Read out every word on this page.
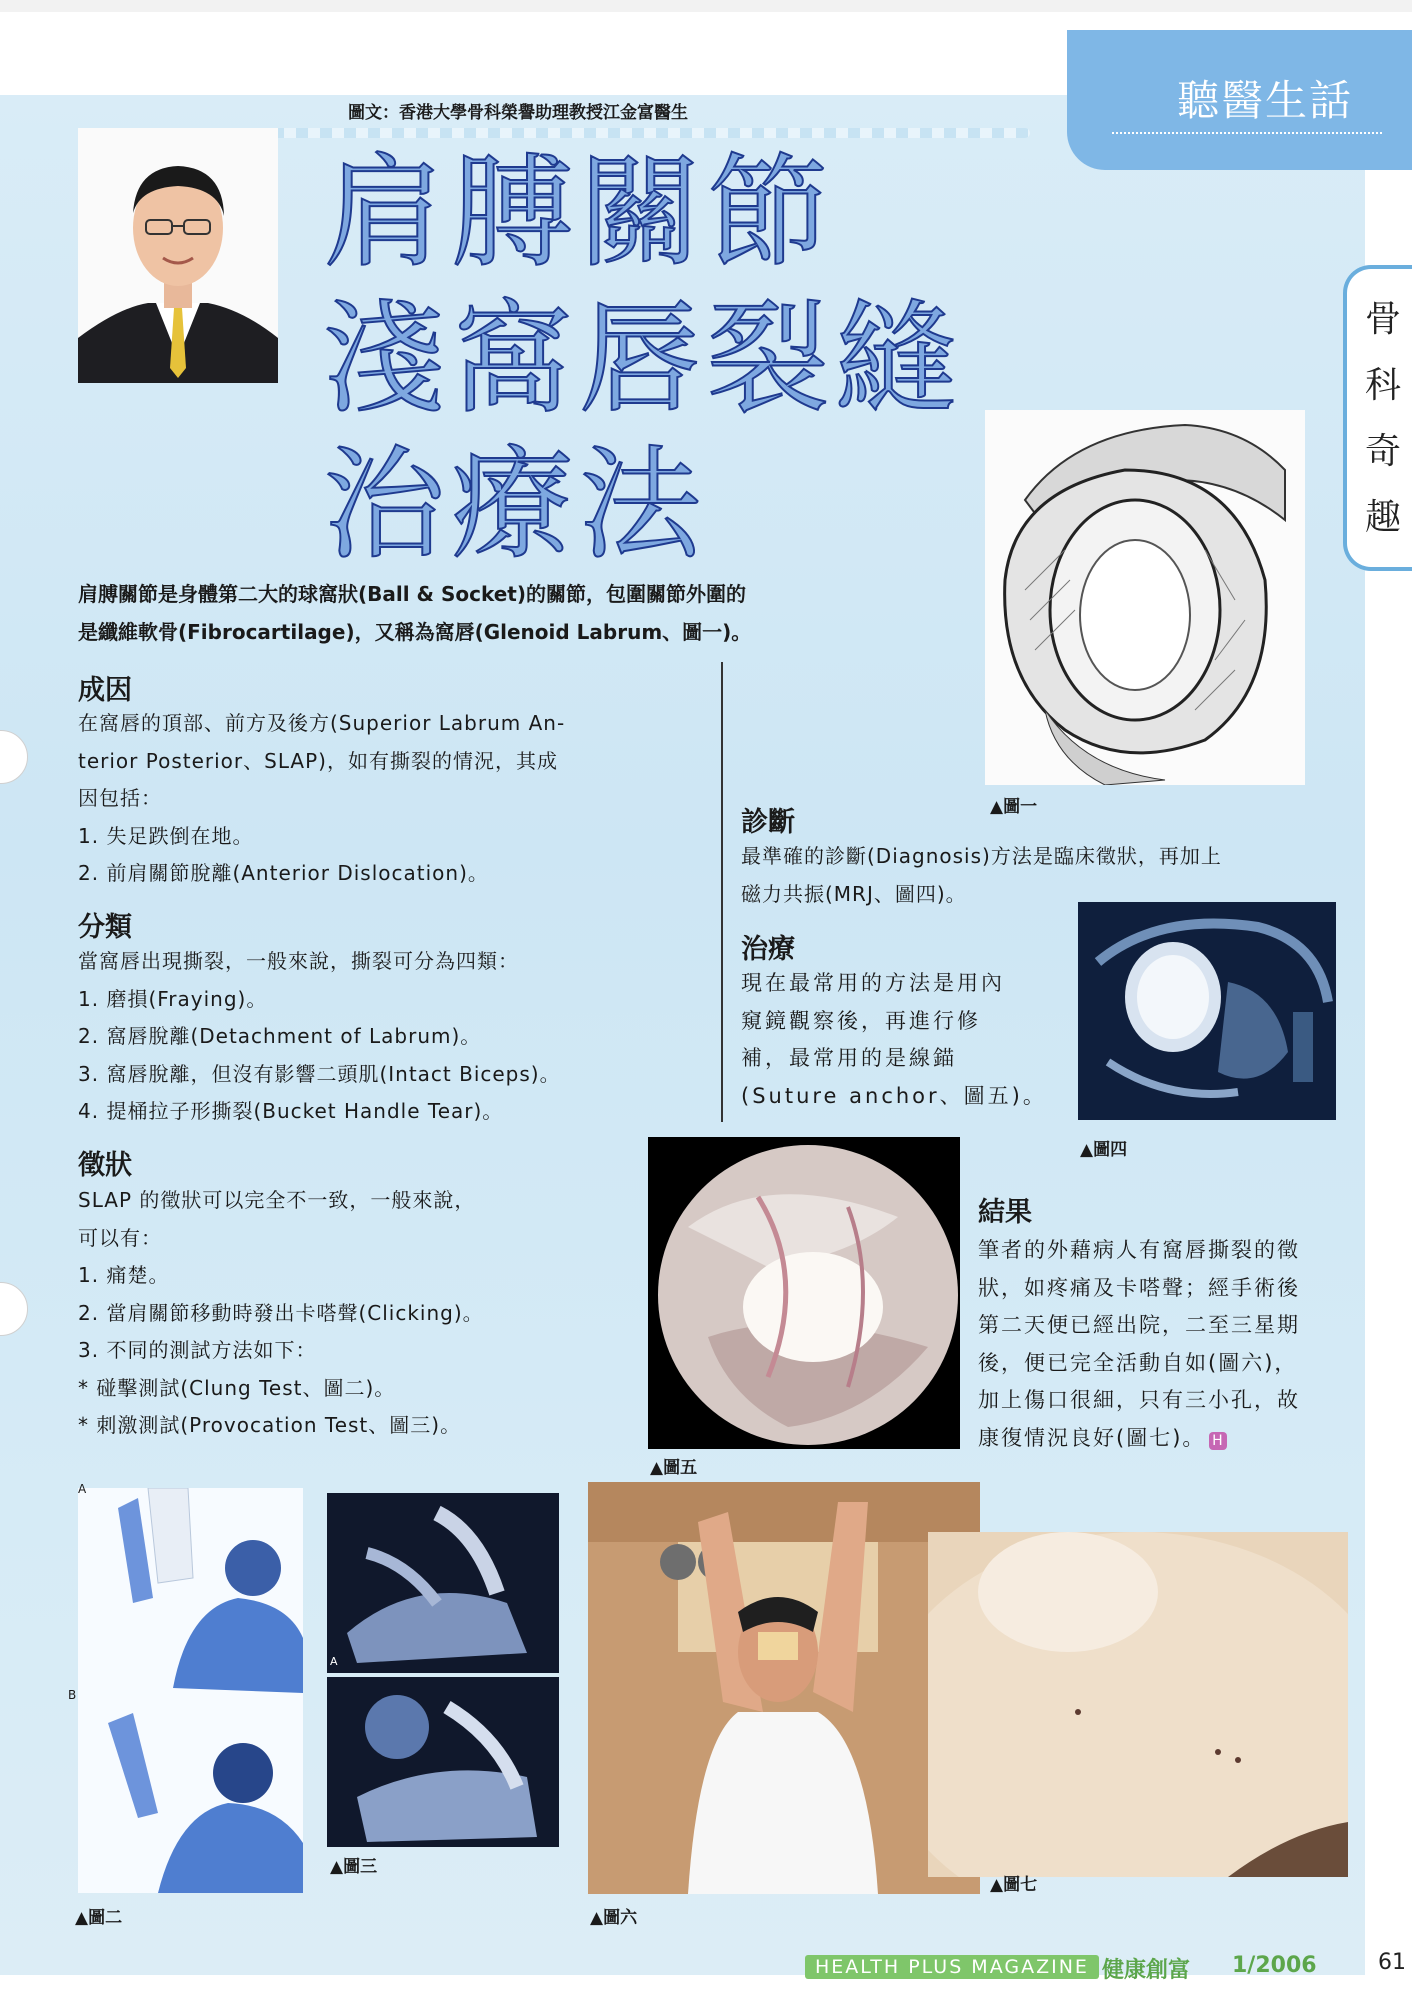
聽醫生話
骨
科
奇
趣
圖文：香港大學骨科榮譽助理教授江金富醫生
肩膊關節
淺窩唇裂縫
治療法
▲圖一
肩膊關節是身體第二大的球窩狀(Ball & Socket)的關節，包圍關節外圍的
是纖維軟骨(Fibrocartilage)，又稱為窩唇(Glenoid Labrum、圖一)。
成因
在窩唇的頂部、前方及後方(Superior Labrum An-
terior Posterior、SLAP)，如有撕裂的情況，其成
因包括：
1. 失足跌倒在地。
2. 前肩關節脫離(Anterior Dislocation)。
分類
當窩唇出現撕裂，一般來說，撕裂可分為四類：
1. 磨損(Fraying)。
2. 窩唇脫離(Detachment of Labrum)。
3. 窩唇脫離，但沒有影響二頭肌(Intact Biceps)。
4. 提桶拉子形撕裂(Bucket Handle Tear)。
徵狀
SLAP 的徵狀可以完全不一致，一般來說，
可以有：
1. 痛楚。
2. 當肩關節移動時發出卡嗒聲(Clicking)。
3. 不同的測試方法如下：
* 碰擊測試(Clung Test、圖二)。
* 刺激測試(Provocation Test、圖三)。
診斷
最準確的診斷(Diagnosis)方法是臨床徵狀，再加上
磁力共振(MRJ、圖四)。
治療
現在最常用的方法是用內
窺鏡觀察後，再進行修
補，最常用的是線錨
(Suture anchor、圖五)。
▲圖四
▲圖五
結果
筆者的外藉病人有窩唇撕裂的徵
狀，如疼痛及卡嗒聲；經手術後
第二天便已經出院，二至三星期
後，便已完全活動自如(圖六)，
加上傷口很細，只有三小孔，故
康復情況良好(圖七)。 H
A
B
▲圖二
A
▲圖三
▲圖六
▲圖七
HEALTH PLUS MAGAZINE 健康創富 1/2006	61
